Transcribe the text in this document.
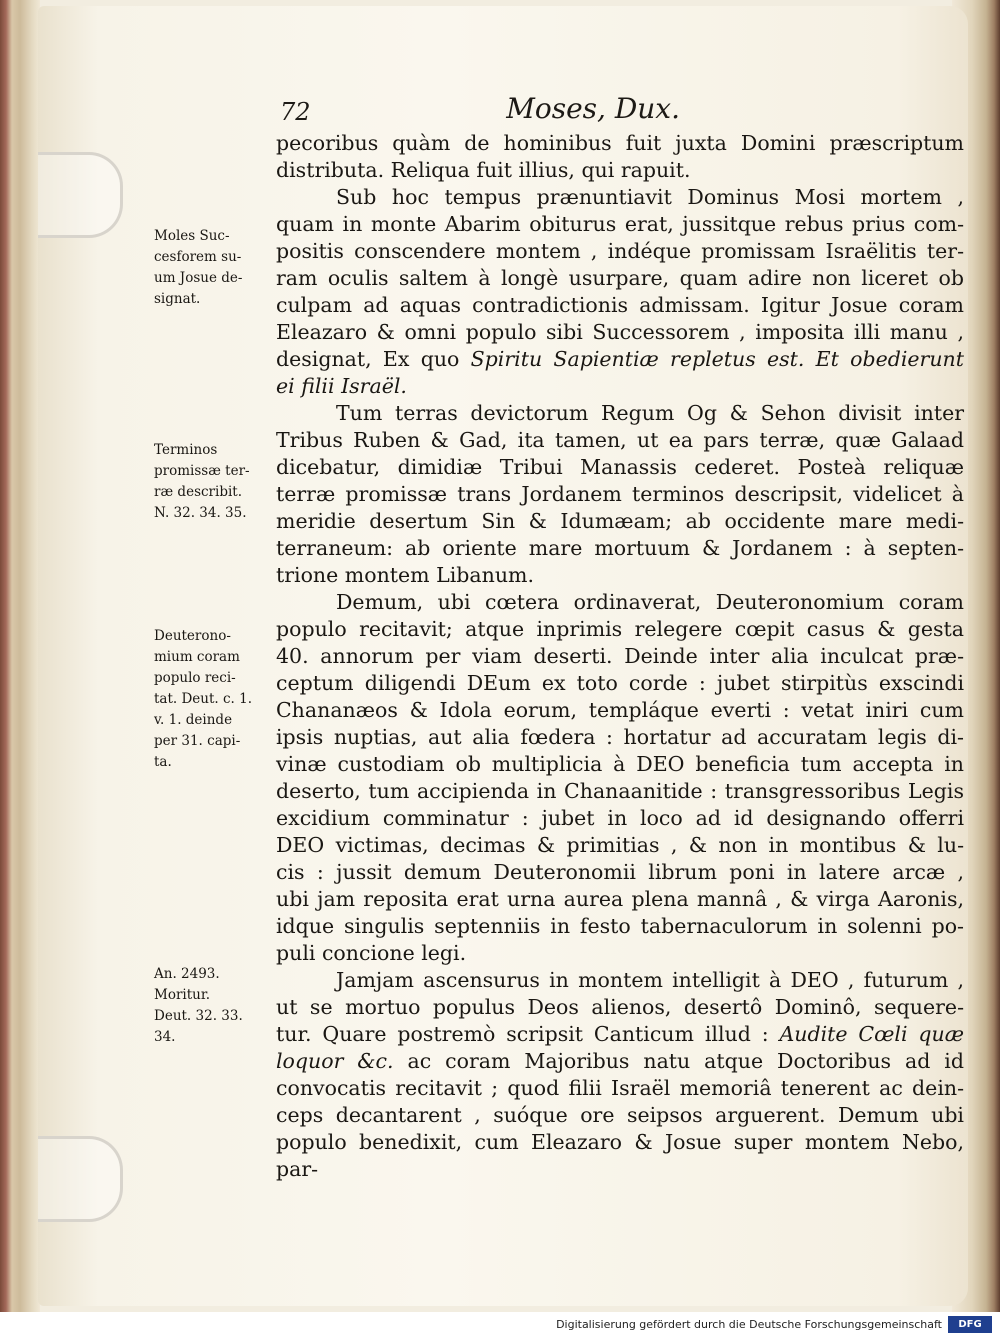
72	Moses, Dux.
pecoribus quàm de hominibus fuit juxta Domini præscriptum
distributa. Reliqua fuit illius, qui rapuit.
Sub hoc tempus prænuntiavit Dominus Mosi mortem ,
quam in monte Abarim obiturus erat, jussitque rebus prius com-
positis conscendere montem , indéque promissam Israëlitis ter-
ram oculis saltem à longè usurpare, quam adire non liceret ob
culpam ad aquas contradictionis admissam. Igitur Josue coram
Eleazaro & omni populo sibi Successorem , imposita illi manu ,
designat, Ex quo Spiritu Sapientiæ repletus est. Et obedierunt
ei filii Israël.
Tum terras devictorum Regum Og & Sehon divisit inter
Tribus Ruben & Gad, ita tamen, ut ea pars terræ, quæ Galaad
dicebatur, dimidiæ Tribui Manassis cederet. Posteà reliquæ
terræ promissæ trans Jordanem terminos descripsit, videlicet à
meridie desertum Sin & Idumæam; ab occidente mare medi-
terraneum: ab oriente mare mortuum & Jordanem : à septen-
trione montem Libanum.
Demum, ubi cœtera ordinaverat, Deuteronomium coram
populo recitavit; atque inprimis relegere cœpit casus & gesta
40. annorum per viam deserti. Deinde inter alia inculcat præ-
ceptum diligendi DEum ex toto corde : jubet stirpitùs exscindi
Chananæos & Idola eorum, templáque everti : vetat iniri cum
ipsis nuptias, aut alia fœdera : hortatur ad accuratam legis di-
vinæ custodiam ob multiplicia à DEO beneficia tum accepta in
deserto, tum accipienda in Chanaanitide : transgressoribus Legis
excidium comminatur : jubet in loco ad id designando offerri
DEO victimas, decimas & primitias , & non in montibus & lu-
cis : jussit demum Deuteronomii librum poni in latere arcæ ,
ubi jam reposita erat urna aurea plena mannâ , & virga Aaronis,
idque singulis septenniis in festo tabernaculorum in solenni po-
puli concione legi.
Jamjam ascensurus in montem intelligit à DEO , futurum ,
ut se mortuo populus Deos alienos, desertô Dominô, sequere-
tur. Quare postremò scripsit Canticum illud : Audite Cœli quæ
loquor &c. ac coram Majoribus natu atque Doctoribus ad id
convocatis recitavit ; quod filii Israël memoriâ tenerent ac dein-
ceps decantarent , suóque ore seipsos arguerent. Demum ubi
populo benedixit, cum Eleazaro & Josue super montem Nebo,
par-
Moles Suc-
cesforem su-
um Josue de-
signat.
Terminos
promissæ ter-
ræ describit.
N. 32. 34. 35.
Deuterono-
mium coram
populo reci-
tat. Deut. c. 1.
v. 1. deinde
per 31. capi-
ta.
An. 2493.
Moritur.
Deut. 32. 33.
34.
Digitalisierung gefördert durch die Deutsche Forschungsgemeinschaft	DFG
